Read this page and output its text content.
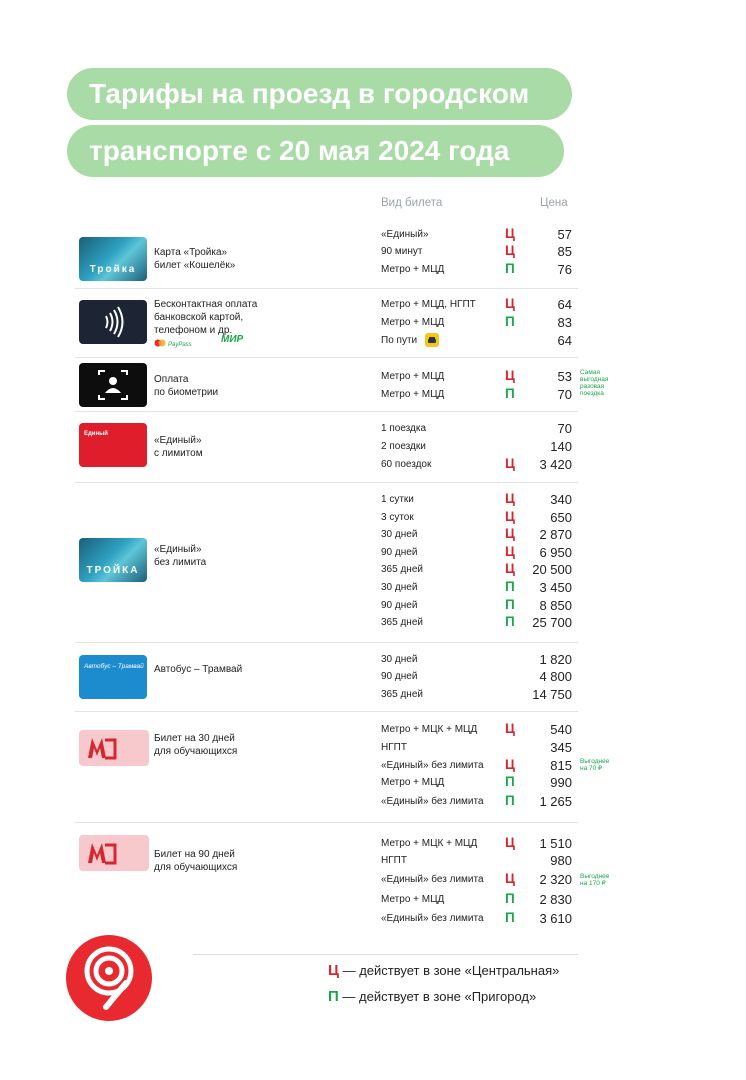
Тарифы на проезд в городском
транспорте с 20 мая 2024 года
Вид билета	Цена
Тройка
Карта «Тройка»
билет «Кошелёк»
«Единый»	Ц	57
90 минут	Ц	85
Метро + МЦД	П	76
Бесконтактная оплата
банковской картой,
телефоном и др.
PayPass	МИР
Метро + МЦД, НГПТ Ц	64
Метро + МЦД	П	83
По пути	64
Оплата
по биометрии
Метро + МЦД	Ц	53
Метро + МЦД	П	70
Самая выгодная
разовая поездка
Единый
«Единый»
с лимитом
1 поездка	70
2 поездки	140
60 поездок	Ц 3 420
ТРОЙКА
«Единый»
без лимита
1 сутки	Ц	340
3 суток	Ц	650
30 дней	Ц 2 870
90 дней	Ц 6 950
365 дней	Ц 20 500
30 дней	П 3 450
90 дней	П 8 850
365 дней	П 25 700
Автобус – Трамвай Автобус – Трамвай
30 дней	1 820
90 дней	4 800
365 дней	14 750
Билет на 30 дней
для обучающихся
Метро + МЦК + МЦД Ц	540
НГПТ	345
«Единый» без лимита Ц	815
Метро + МЦД	П	990
«Единый» без лимита П 1 265
Выгоднее
на 70 ₽
Билет на 90 дней
для обучающихся
Метро + МЦК + МЦД Ц 1 510
НГПТ	980
«Единый» без лимита Ц 2 320
Метро + МЦД	П 2 830
«Единый» без лимита П 3 610
Выгоднее
на 170 ₽
Ц — действует в зоне «Центральная»
П — действует в зоне «Пригород»
